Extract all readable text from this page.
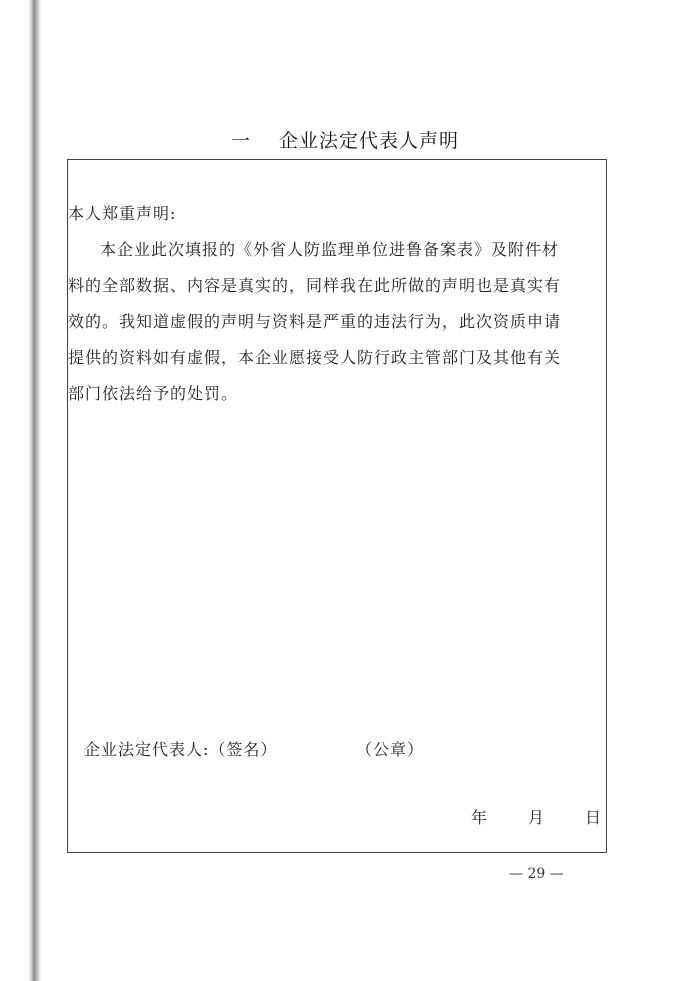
一 企业法定代表人声明
本人郑重声明:
本企业此次填报的《外省人防监理单位进鲁备案表》及附件材
料的全部数据、内容是真实的，同样我在此所做的声明也是真实有
效的。我知道虚假的声明与资料是严重的违法行为，此次资质申请
提供的资料如有虚假，本企业愿接受人防行政主管部门及其他有关
部门依法给予的处罚。
企业法定代表人:（签名）	（公章）
年	月	日
— 29 —
